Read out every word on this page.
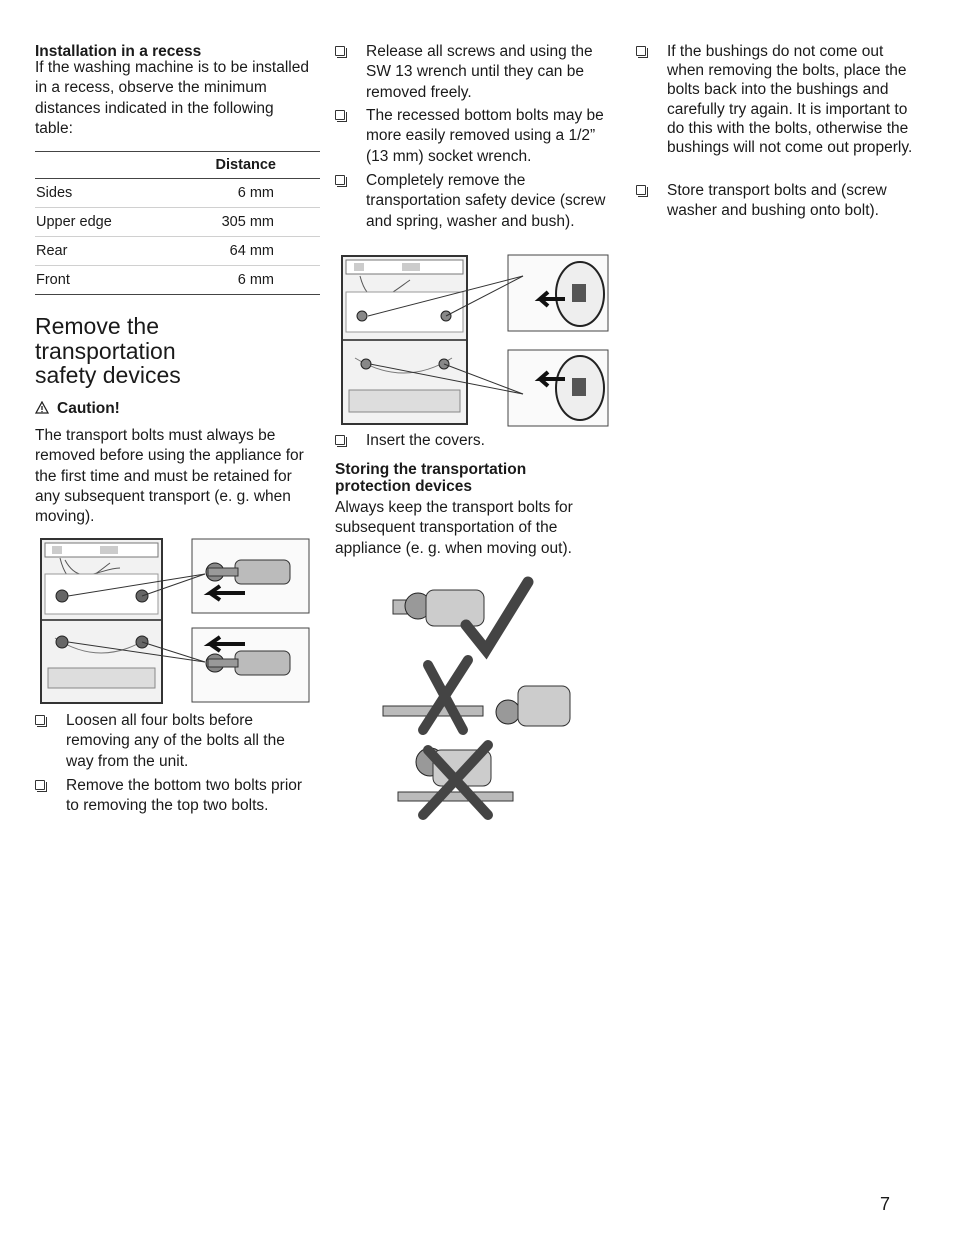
Installation in a recess

If the washing machine is to be installed in a recess, observe the minimum distances indicated in the following table:

	Distance
Sides	6 mm
Upper edge	305 mm
Rear	64 mm
Front	6 mm
Remove the
transportation
safety devices
Caution!

The transport bolts must always be removed before using the appliance for the first time and must be retained for any subsequent transport (e. g. when moving).

Loosen all four bolts before removing any of the bolts all the way from the unit.
Remove the bottom two bolts prior to removing the top two bolts.
Release all screws and using the SW 13 wrench until they can be removed freely.
The recessed bottom bolts may be more easily removed using a 1/2” (13 mm) socket wrench.
Completely remove the transportation safety device (screw and spring, washer and bush).
Insert the covers.
Storing the transportation protection devices

Always keep the transport bolts for subsequent transportation of the appliance (e. g. when moving out).

If the bushings do not come out when removing the bolts, place the bolts back into the bushings and carefully try again. It is important to do this with the bolts, otherwise the bushings will not come out properly.
Store transport bolts and (screw washer and bushing onto bolt).
7
